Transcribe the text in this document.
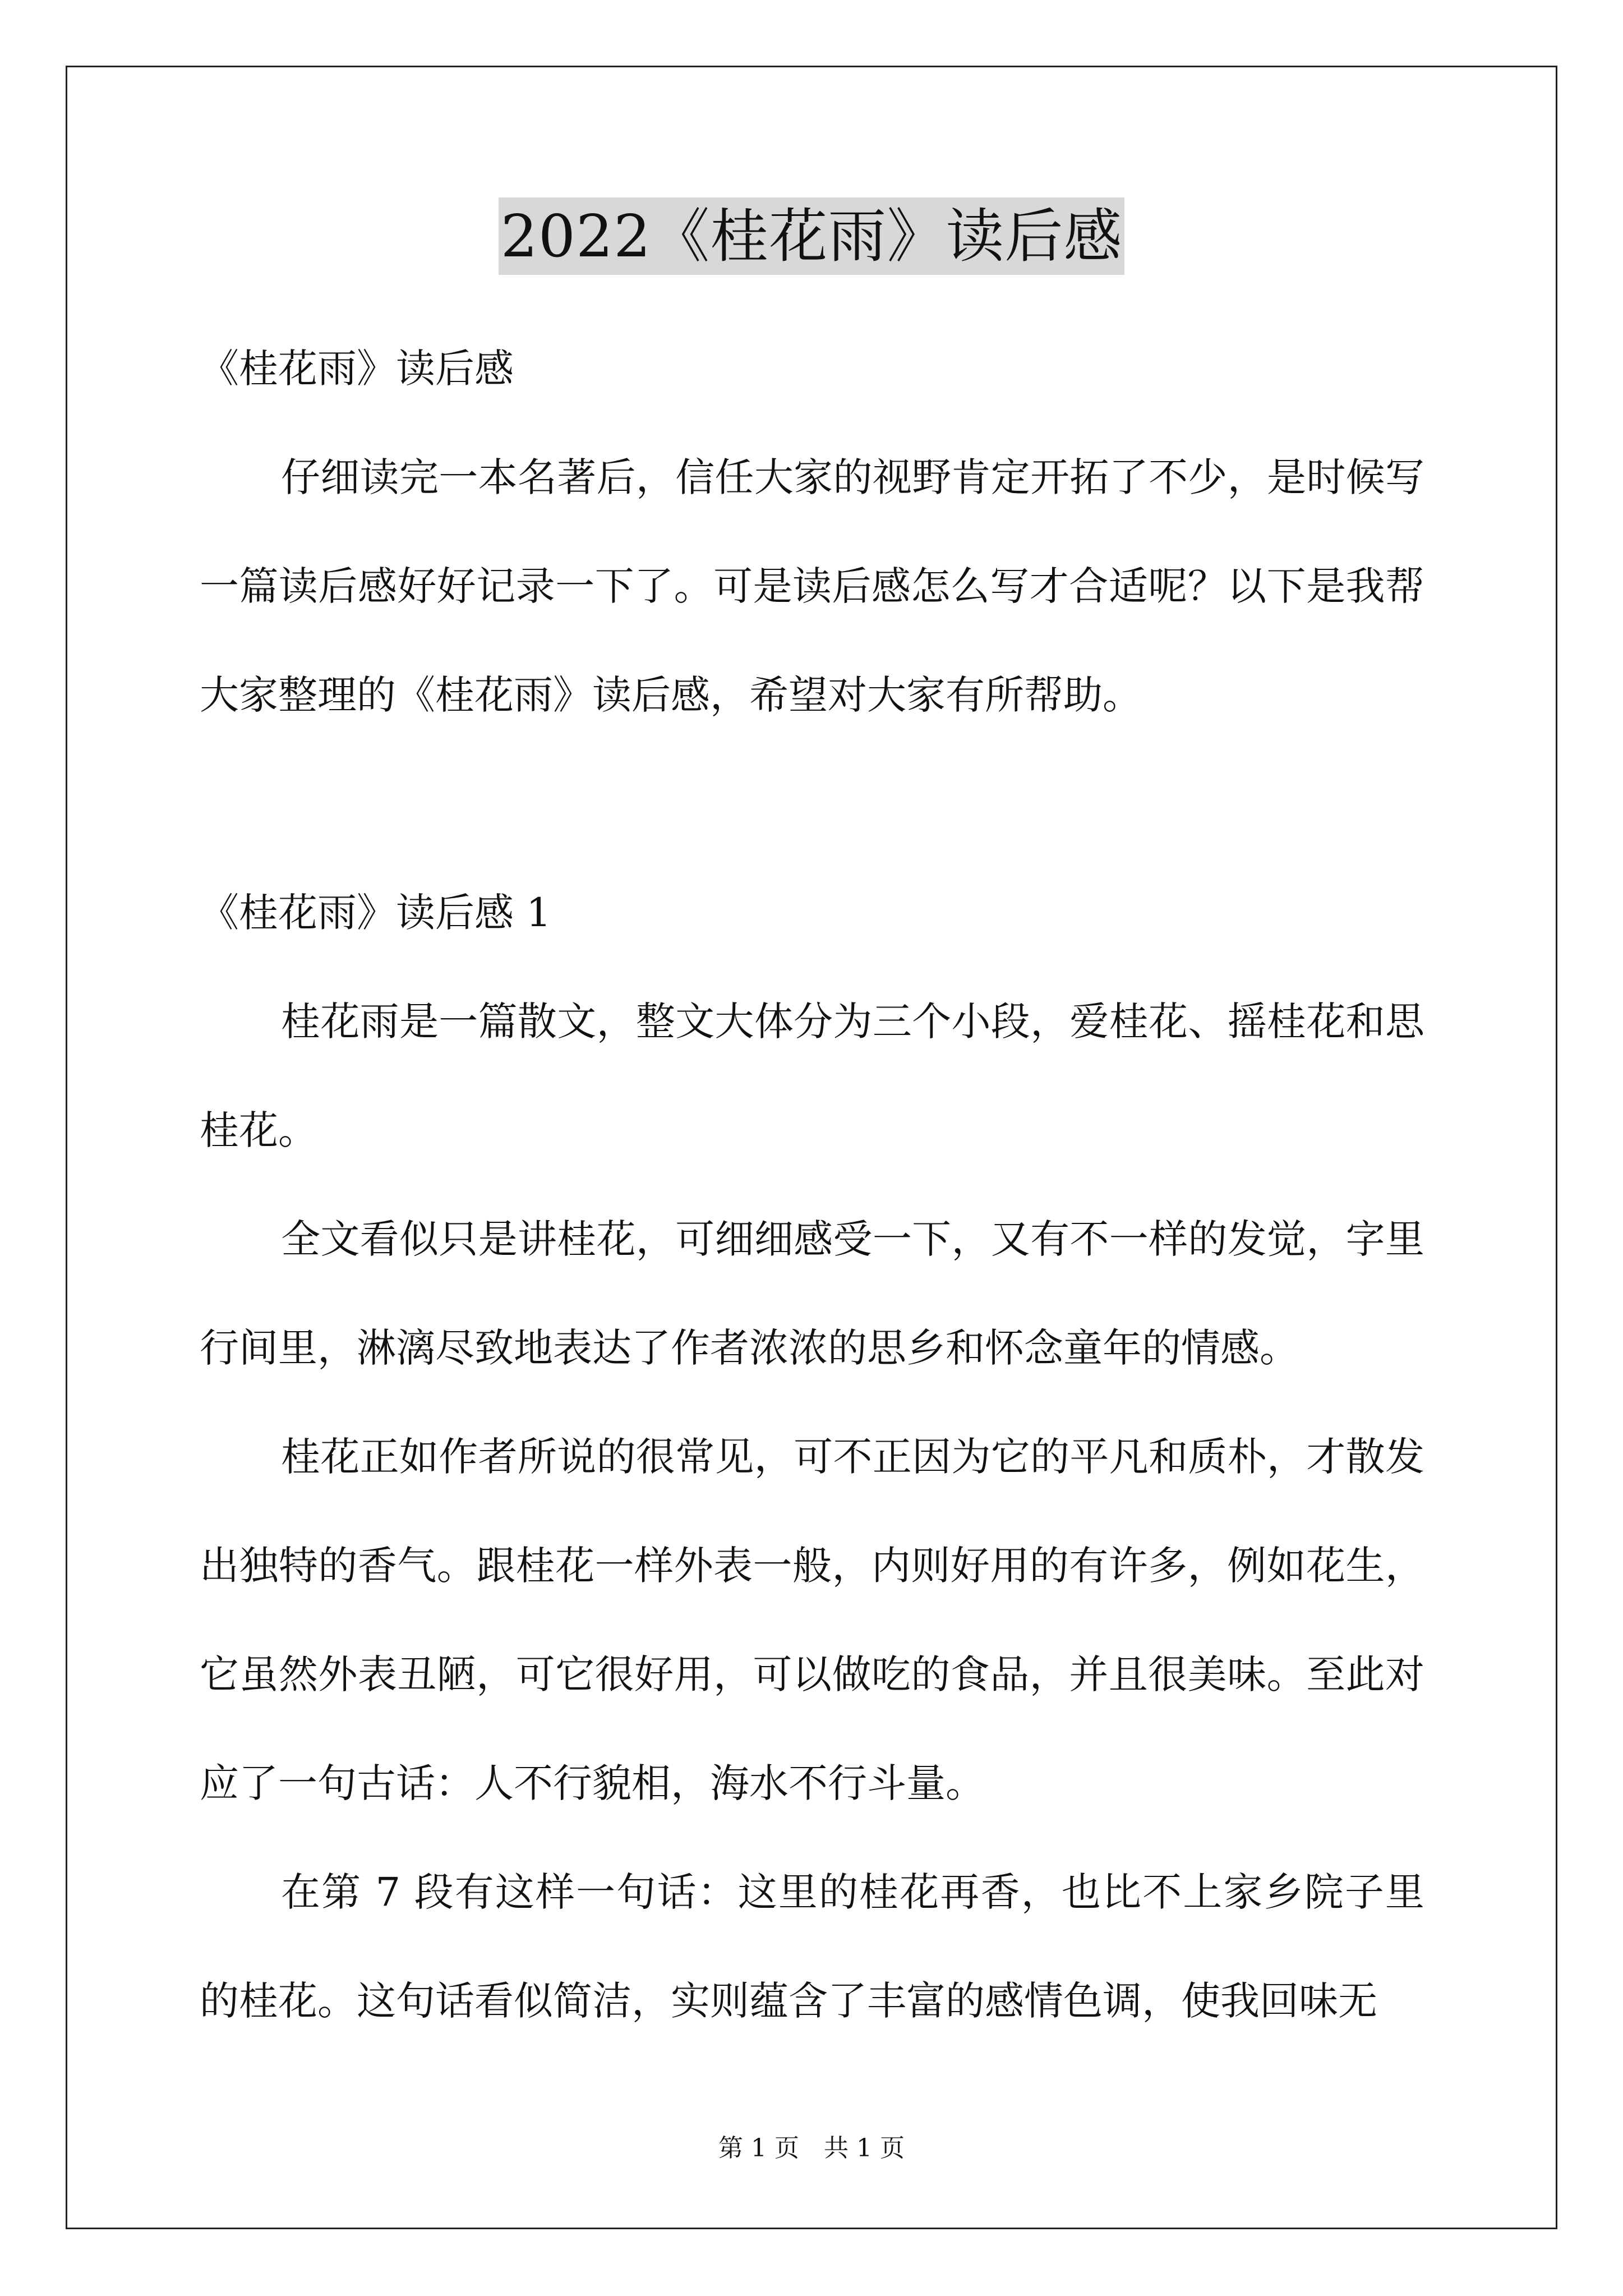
2022《桂花雨》读后感

《桂花雨》读后感

仔细读完一本名著后，信任大家的视野肯定开拓了不少，是时候写一篇读后感好好记录一下了。可是读后感怎么写才合适呢？以下是我帮大家整理的《桂花雨》读后感，希望对大家有所帮助。

《桂花雨》读后感 1

桂花雨是一篇散文，整文大体分为三个小段，爱桂花、摇桂花和思桂花。

全文看似只是讲桂花，可细细感受一下，又有不一样的发觉，字里行间里，淋漓尽致地表达了作者浓浓的思乡和怀念童年的情感。

桂花正如作者所说的很常见，可不正因为它的平凡和质朴，才散发出独特的香气。跟桂花一样外表一般，内则好用的有许多，例如花生，它虽然外表丑陋，可它很好用，可以做吃的食品，并且很美味。至此对应了一句古话：人不行貌相，海水不行斗量。

在第 7 段有这样一句话：这里的桂花再香，也比不上家乡院子里的桂花。这句话看似简洁，实则蕴含了丰富的感情色调，使我回味无

第 1 页 共 1 页
